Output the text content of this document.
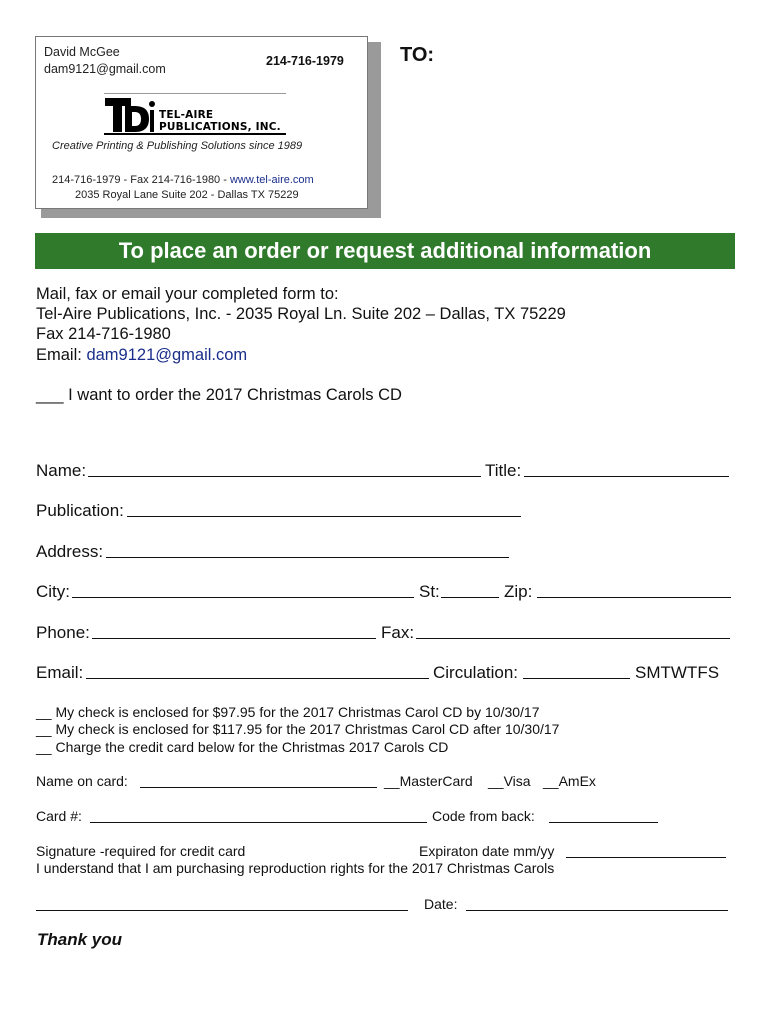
David McGee
dam9121@gmail.com
214-716-1979
TEL-AIRE
PUBLICATIONS, INC.
Creative Printing & Publishing Solutions since 1989
214-716-1979 - Fax 214-716-1980 - www.tel-aire.com
2035 Royal Lane Suite 202 - Dallas TX 75229
TO:
To place an order or request additional information
Mail, fax or email your completed form to:
Tel-Aire Publications, Inc. - 2035 Royal Ln. Suite 202 – Dallas, TX 75229
Fax 214-716-1980
Email: dam9121@gmail.com
___ I want to order the 2017 Christmas Carols CD
Name:	Title:
Publication:
Address:
City:	St:	Zip:
Phone:	Fax:
Email:	Circulation:	SMTWTFS
__ My check is enclosed for $97.95 for the 2017 Christmas Carol CD by 10/30/17
__ My check is enclosed for $117.95 for the 2017 Christmas Carol CD after 10/30/17
__ Charge the credit card below for the Christmas 2017 Carols CD
Name on card:	__MasterCard __Visa __AmEx
Card #:	Code from back:
Signature -required for credit card	Expiraton date mm/yy
I understand that I am purchasing reproduction rights for the 2017 Christmas Carols
Date:
Thank you
